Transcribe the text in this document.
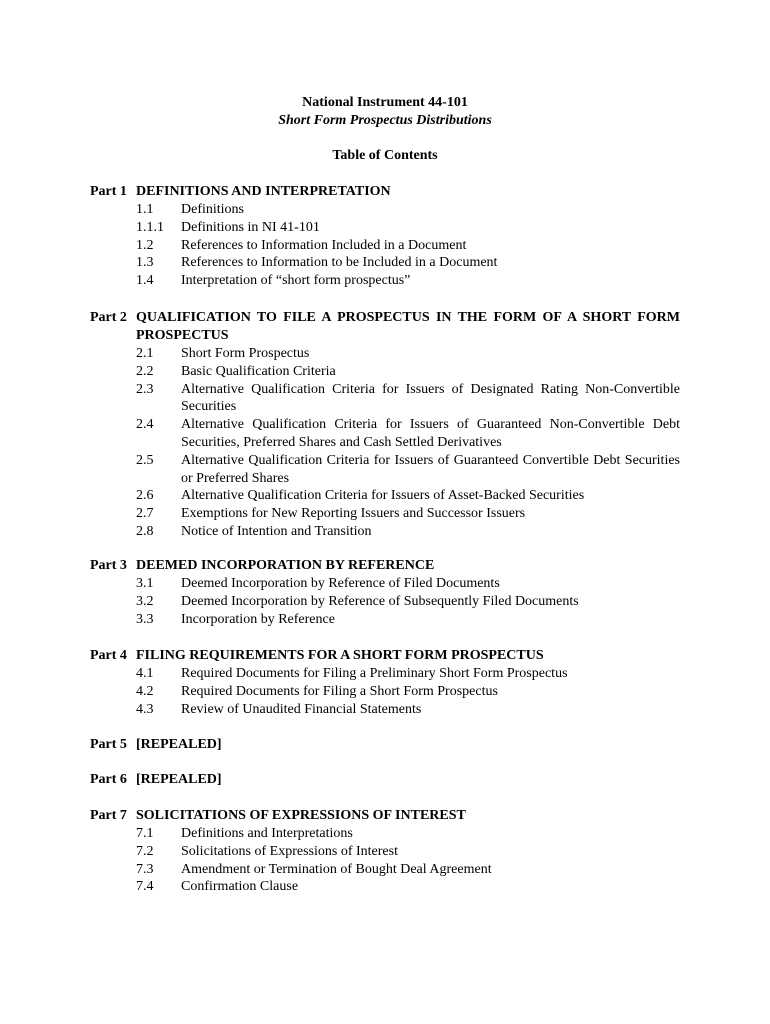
National Instrument 44-101
Short Form Prospectus Distributions
Table of Contents
Part 1 DEFINITIONS AND INTERPRETATION
1.1	Definitions
1.1.1	Definitions in NI 41-101
1.2	References to Information Included in a Document
1.3	References to Information to be Included in a Document
1.4	Interpretation of “short form prospectus”
Part 2 QUALIFICATION TO FILE A PROSPECTUS IN THE FORM OF A SHORT FORM PROSPECTUS
2.1	Short Form Prospectus
2.2	Basic Qualification Criteria
2.3	Alternative Qualification Criteria for Issuers of Designated Rating Non-Convertible Securities
2.4	Alternative Qualification Criteria for Issuers of Guaranteed Non-Convertible Debt Securities, Preferred Shares and Cash Settled Derivatives
2.5	Alternative Qualification Criteria for Issuers of Guaranteed Convertible Debt Securities or Preferred Shares
2.6	Alternative Qualification Criteria for Issuers of Asset-Backed Securities
2.7	Exemptions for New Reporting Issuers and Successor Issuers
2.8	Notice of Intention and Transition
Part 3 DEEMED INCORPORATION BY REFERENCE
3.1	Deemed Incorporation by Reference of Filed Documents
3.2	Deemed Incorporation by Reference of Subsequently Filed Documents
3.3	Incorporation by Reference
Part 4 FILING REQUIREMENTS FOR A SHORT FORM PROSPECTUS
4.1	Required Documents for Filing a Preliminary Short Form Prospectus
4.2	Required Documents for Filing a Short Form Prospectus
4.3	Review of Unaudited Financial Statements
Part 5 [REPEALED]
Part 6 [REPEALED]
Part 7 SOLICITATIONS OF EXPRESSIONS OF INTEREST
7.1	Definitions and Interpretations
7.2	Solicitations of Expressions of Interest
7.3	Amendment or Termination of Bought Deal Agreement
7.4	Confirmation Clause
